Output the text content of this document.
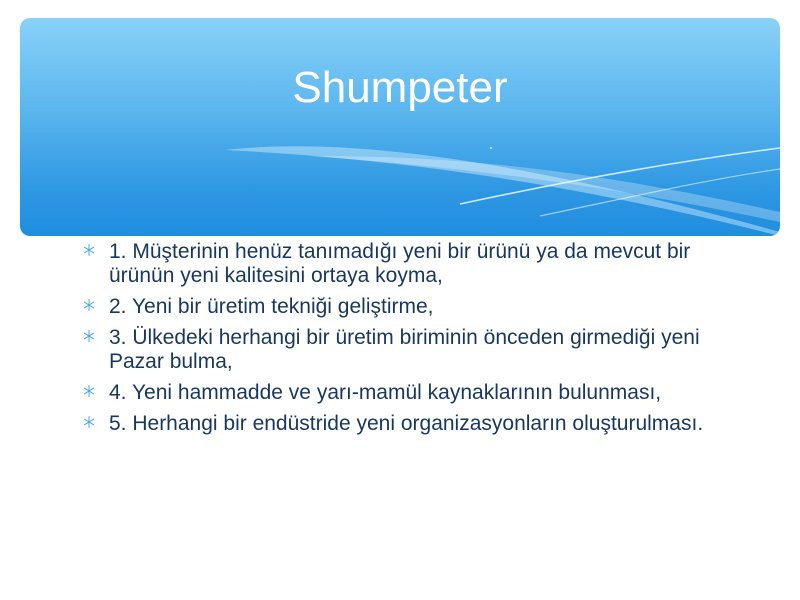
Shumpeter
1. Müşterinin henüz tanımadığı yeni bir ürünü ya da mevcut bir ürünün yeni kalitesini ortaya koyma,
2. Yeni bir üretim tekniği geliştirme,
3. Ülkedeki herhangi bir üretim biriminin önceden girmediği yeni Pazar bulma,
4. Yeni hammadde ve yarı-mamül kaynaklarının bulunması,
5. Herhangi bir endüstride yeni organizasyonların oluşturulması.
